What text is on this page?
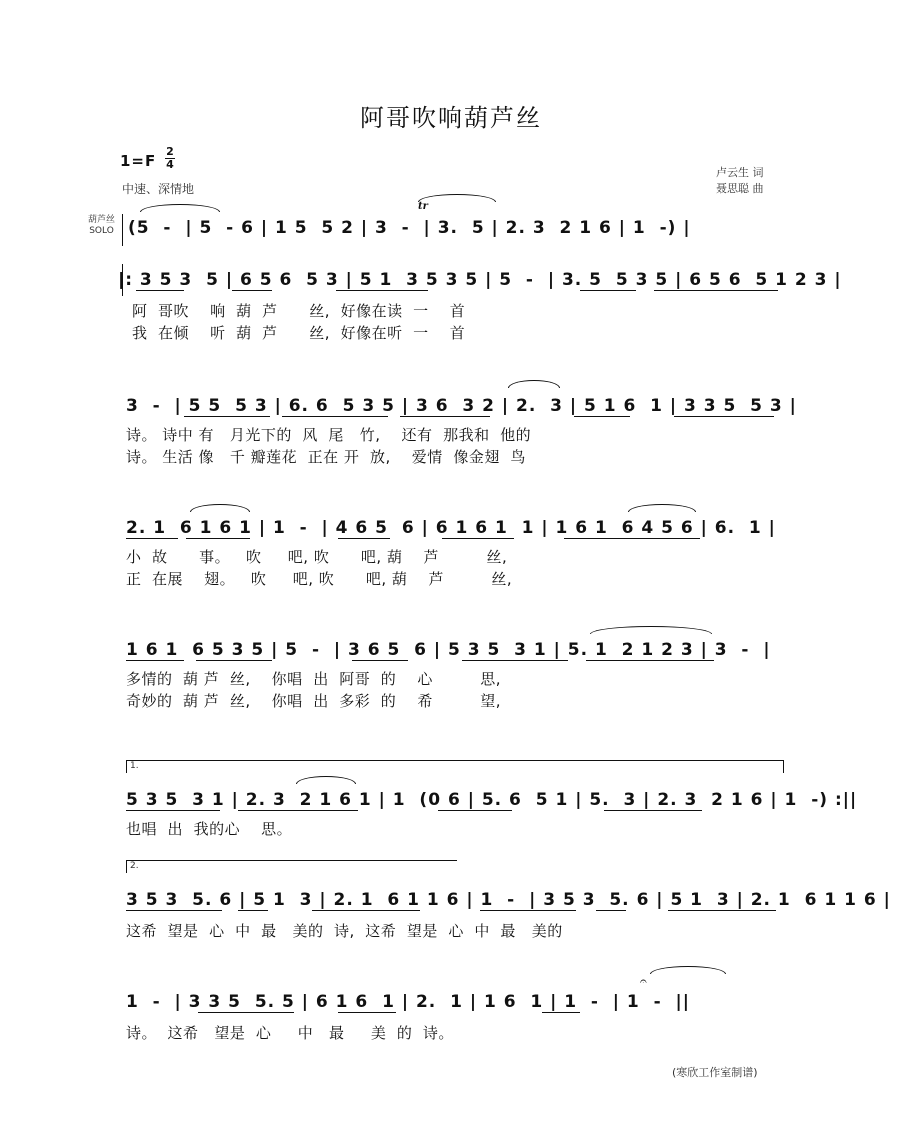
阿哥吹响葫芦丝
1=F
2
4
中速、深情地
卢云生 词
聂思聪 曲
葫芦丝
SOLO (5  -  | 5  - 6 | 1 5  5 2 | 3  -  | 3.  5 | 2. 3  2 1 6 | 1  -) |
tr
|: 3 5 3  5 | 6 5 6  5 3 | 5 1  3 5 3 5 | 5  -  | 3. 5  5 3 5 | 6 5 6  5 1 2 3 |
阿  哥吹    响  葫  芦      丝,  好像在读  一    首
我  在倾    听  葫  芦      丝,  好像在听  一    首
3  -  | 5 5  5 3 | 6. 6  5 3 5 | 3 6  3 2 | 2.  3 | 5 1 6  1 | 3 3 5  5 3 |
诗。 诗中 有   月光下的  风  尾   竹,    还有  那我和  他的
诗。 生活 像   千 瓣莲花  正在 开  放,    爱情  像金翅  鸟
2. 1  6 1 6 1 | 1  -  | 4 6 5  6 | 6 1 6 1  1 | 1 6 1  6 4 5 6 | 6.  1 |
小  故      事。   吹     吧, 吹      吧, 葫    芦         丝,
正  在展    翅。   吹     吧, 吹      吧, 葫    芦         丝,
1 6 1  6 5 3 5 | 5  -  | 3 6 5  6 | 5 3 5  3 1 | 5. 1  2 1 2 3 | 3  -  |
多情的  葫 芦  丝,    你唱  出  阿哥  的    心         思,
奇妙的  葫 芦  丝,    你唱  出  多彩  的    希         望,
1.
5 3 5  3 1 | 2. 3  2 1 6 1 | 1  (0 6 | 5. 6  5 1 | 5.  3 | 2. 3  2 1 6 | 1  -) :||
也唱  出  我的心    思。
2.
3 5 3  5. 6 | 5 1  3 | 2. 1  6 1 1 6 | 1  -  | 3 5 3  5. 6 | 5 1  3 | 2. 1  6 1 1 6 |
这希  望是  心  中  最   美的  诗,  这希  望是  心  中  最   美的
1  -  | 3 3 5  5. 5 | 6 1 6  1 | 2.  1 | 1 6  1 | 1  -  | 1  -  ||
诗。  这希   望是  心     中   最     美  的  诗。
𝄐
(寒欣工作室制谱)
